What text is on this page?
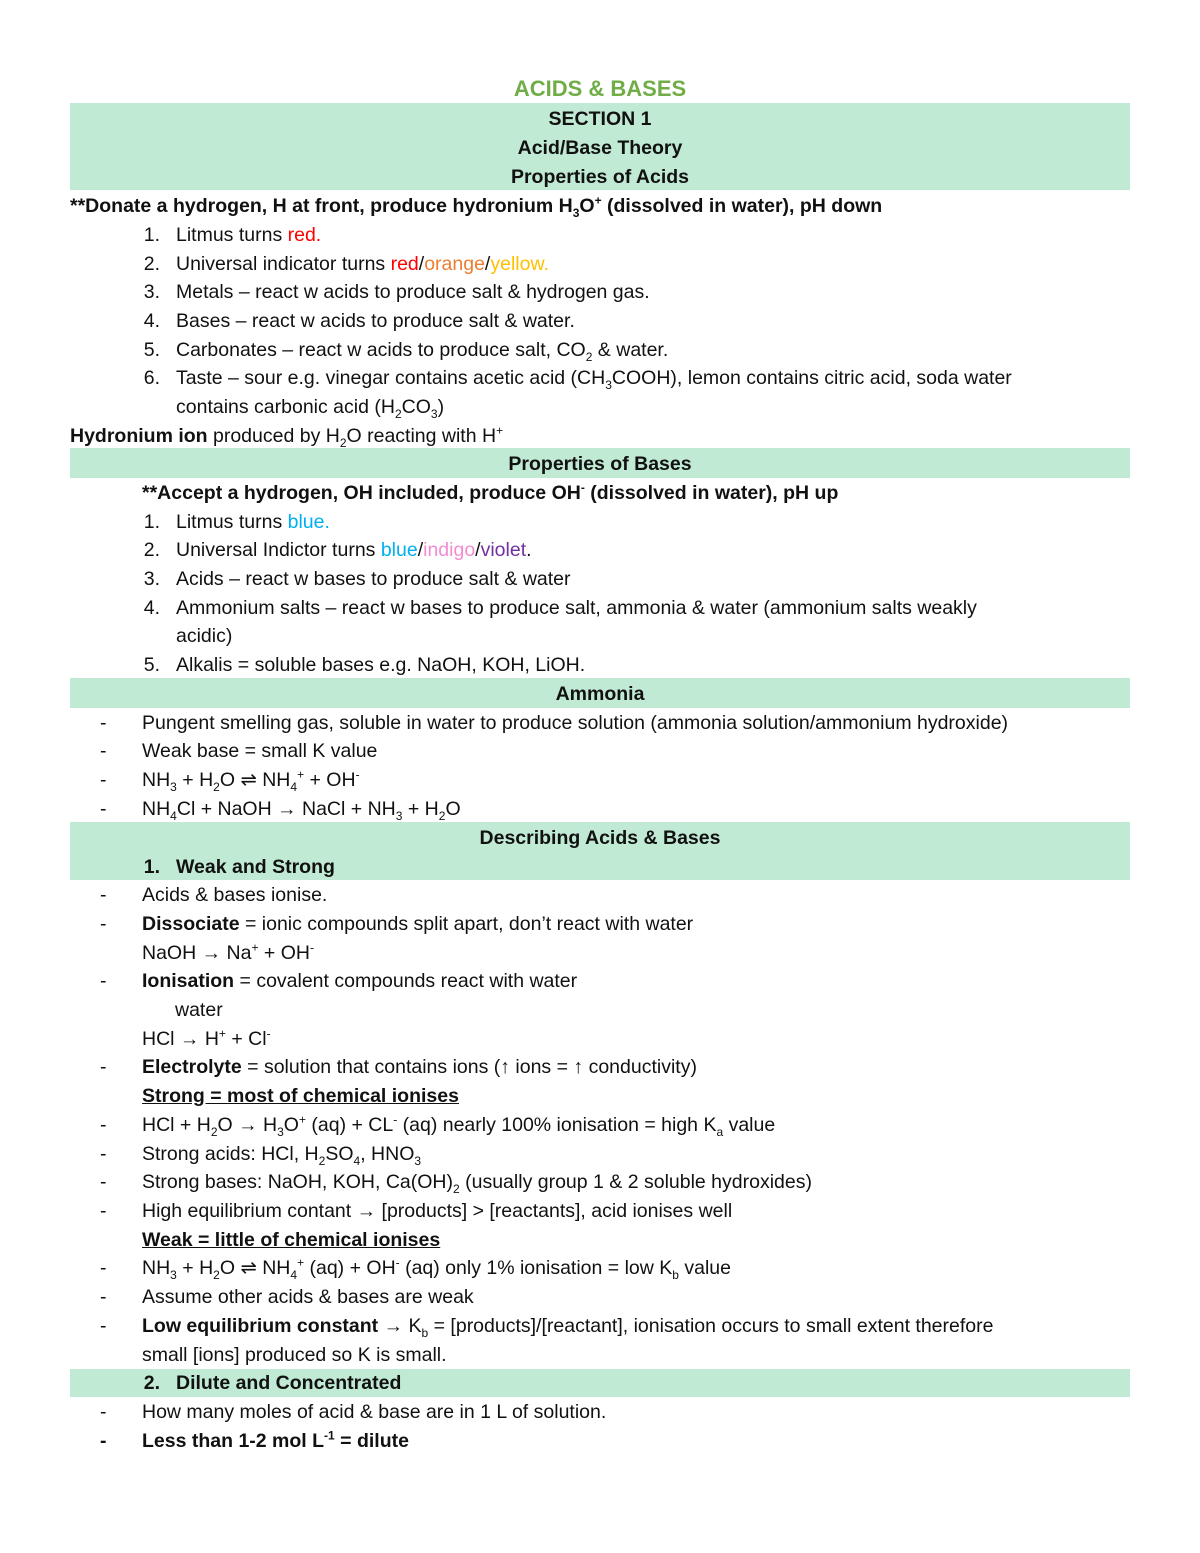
ACIDS & BASES
SECTION 1
Acid/Base Theory
Properties of Acids
**Donate a hydrogen, H at front, produce hydronium $H_3O^+$ (dissolved in water), pH down
1. Litmus turns red.
2. Universal indicator turns red/orange/yellow.
3. Metals – react w acids to produce salt & hydrogen gas.
4. Bases – react w acids to produce salt & water.
5. Carbonates – react w acids to produce salt, $CO_2$ & water.
6. Taste – sour e.g. vinegar contains acetic acid $(CH_3COOH)$, lemon contains citric acid, soda water
contains carbonic acid $(H_2CO_3)$
Hydronium ion produced by $H_2O$ reacting with H+
Properties of Bases
**Accept a hydrogen, OH included, produce OH- (dissolved in water), pH up
1. Litmus turns blue.
2. Universal Indictor turns blue/indigo/violet.
3. Acids – react w bases to produce salt & water
4. Ammonium salts – react w bases to produce salt, ammonia & water (ammonium salts weakly
acidic)
5. Alkalis = soluble bases e.g. NaOH, KOH, LiOH.
Ammonia
- Pungent smelling gas, soluble in water to produce solution (ammonia solution/ammonium hydroxide)
- Weak base = small K value
- $NH_3 + H_2O$ ⇌ $NH_4^+ + OH^-$
- $NH_4Cl$ + NaOH → NaCl + $NH_3 + H_2O$
Describing Acids & Bases
1. Weak and Strong
- Acids & bases ionise.
- Dissociate = ionic compounds split apart, don’t react with water
NaOH → Na+ + OH-
- Ionisation = covalent compounds react with water
water
HCl → H+ + Cl-
- Electrolyte = solution that contains ions (↑ ions = ↑ conductivity)
Strong = most of chemical ionises
- HCl + $H_2O \to H_3O^+$ (aq) + CL- (aq) nearly 100% ionisation = high $K_a$ value
- Strong acids: HCl, $H_2SO_4$, $HNO_3$
- Strong bases: NaOH, KOH, $Ca(OH)_2$ (usually group 1 & 2 soluble hydroxides)
- High equilibrium contant → [products] > [reactants], acid ionises well
Weak = little of chemical ionises
- $NH_3 + H_2O$ ⇌ $NH_4^+$ (aq) + OH- (aq) only 1% ionisation = low $K_b$ value
- Assume other acids & bases are weak
- Low equilibrium constant → $K_b$ = [products]/[reactant], ionisation occurs to small extent therefore
small [ions] produced so K is small.
2. Dilute and Concentrated
- How many moles of acid & base are in 1 L of solution.
- Less than 1-2 mol $L^{-1}$ = dilute
